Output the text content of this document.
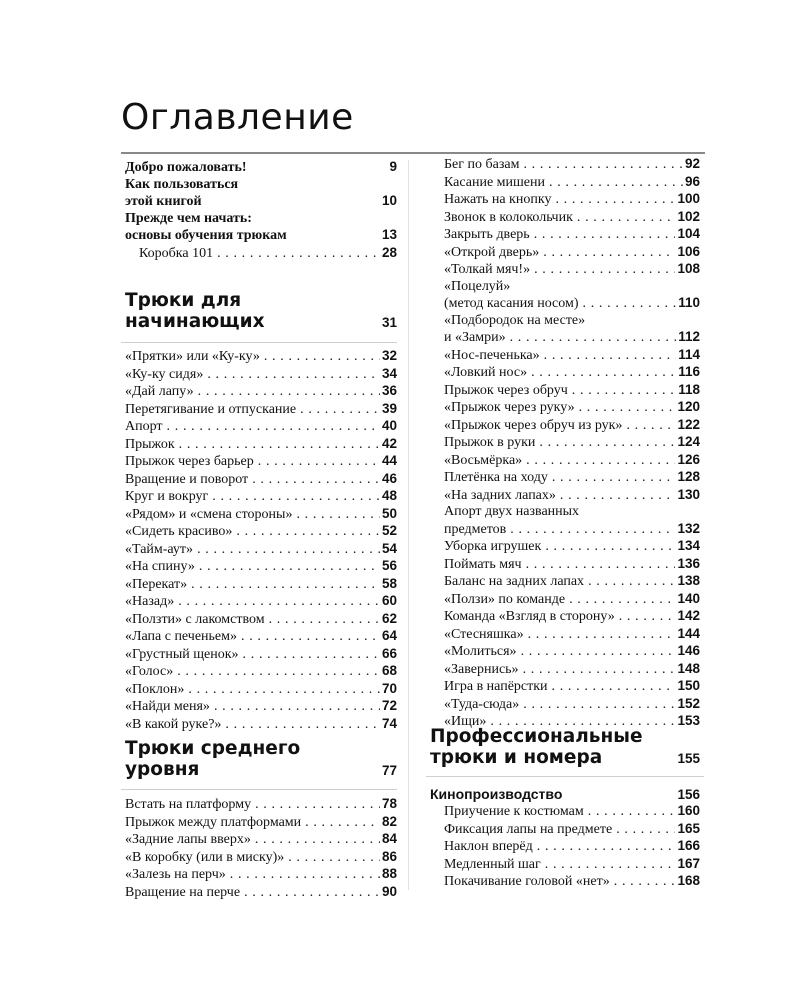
Оглавление
Добро пожаловать!	9
Как пользоваться
этой книгой	10
Прежде чем начать:
основы обучения трюкам	13
Коробка 101 . . .	28
Трюки для
начинающих	31
«Прятки» или «Ку-ку» . . .	32
«Ку-ку сидя» . . .	34
«Дай лапу» . . .	36
Перетягивание и отпускание . . .	39
Апорт . . .	40
Прыжок . . .	42
Прыжок через барьер . . .	44
Вращение и поворот . . .	46
Круг и вокруг . . .	48
«Рядом» и «смена стороны» . . .	50
«Сидеть красиво» . . .	52
«Тайм-аут» . . .	54
«На спину» . . .	56
«Перекат» . . .	58
«Назад» . . .	60
«Ползти» с лакомством . . .	62
«Лапа с печеньем» . . .	64
«Грустный щенок» . . .	66
«Голос» . . .	68
«Поклон» . . .	70
«Найди меня» . . .	72
«В какой руке?» . . .	74
Трюки среднего
уровня	77
Встать на платформу . . .	78
Прыжок между платформами . . .	82
«Задние лапы вверх» . . .	84
«В коробку (или в миску)» . . .	86
«Залезь на перч» . . .	88
Вращение на перче . . .	90
Бег по базам . . .	92
Касание мишени . . .	96
Нажать на кнопку . . .	100
Звонок в колокольчик . . .	102
Закрыть дверь . . .	104
«Открой дверь» . . .	106
«Толкай мяч!» . . .	108
«Поцелуй»
(метод касания носом) . . .	110
«Подбородок на месте»
и «Замри» . . .	112
«Нос-печенька» . . .	114
«Ловкий нос» . . .	116
Прыжок через обруч . . .	118
«Прыжок через руку» . . .	120
«Прыжок через обруч из рук» . . .	122
Прыжок в руки . . .	124
«Восьмёрка» . . .	126
Плетёнка на ходу . . .	128
«На задних лапах» . . .	130
Апорт двух названных
предметов . . .	132
Уборка игрушек . . .	134
Поймать мяч . . .	136
Баланс на задних лапах . . .	138
«Ползи» по команде . . .	140
Команда «Взгляд в сторону» . . .	142
«Стесняшка» . . .	144
«Молиться» . . .	146
«Завернись» . . .	148
Игра в напёрстки . . .	150
«Туда-сюда» . . .	152
«Ищи» . . .	153
Профессиональные
трюки и номера	155
Кинопроизводство	156
Приучение к костюмам . . .	160
Фиксация лапы на предмете . . .	165
Наклон вперёд . . .	166
Медленный шаг . . .	167
Покачивание головой «нет» . . .	168
